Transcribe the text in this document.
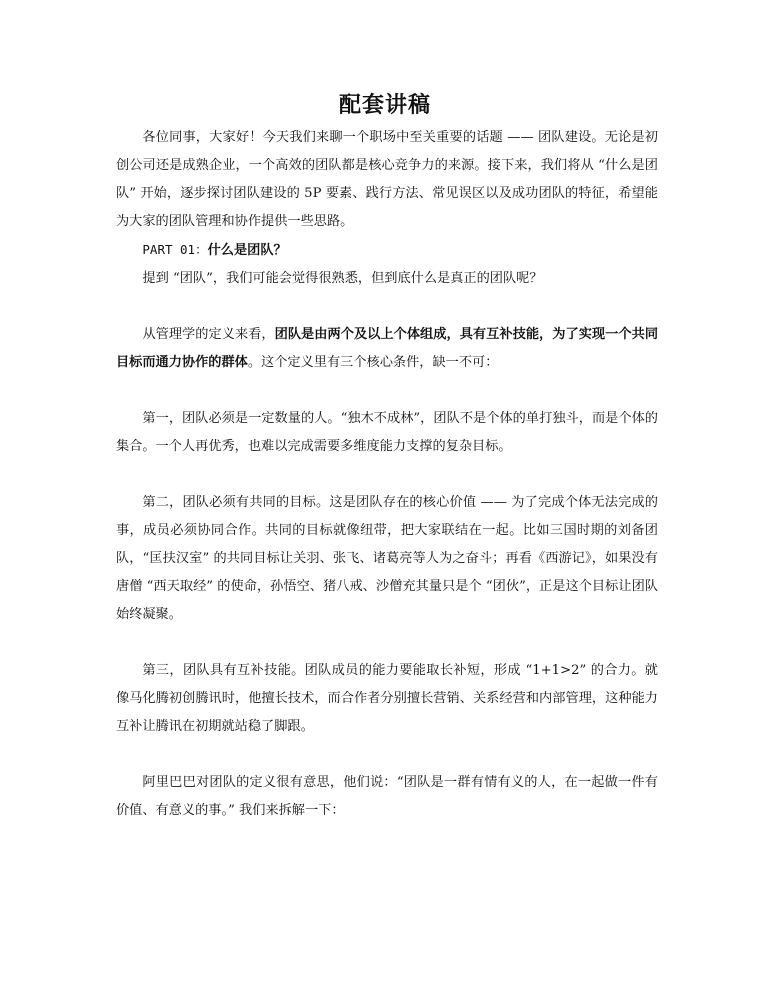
配套讲稿

各位同事，大家好！今天我们来聊一个职场中至关重要的话题 —— 团队建设。无论是初创公司还是成熟企业，一个高效的团队都是核心竞争力的来源。接下来，我们将从 “什么是团队” 开始，逐步探讨团队建设的 5P 要素、践行方法、常见误区以及成功团队的特征，希望能为大家的团队管理和协作提供一些思路。

PART 01：什么是团队？

提到 “团队”，我们可能会觉得很熟悉，但到底什么是真正的团队呢？

从管理学的定义来看，团队是由两个及以上个体组成，具有互补技能，为了实现一个共同目标而通力协作的群体。这个定义里有三个核心条件，缺一不可：

第一，团队必须是一定数量的人。“独木不成林”，团队不是个体的单打独斗，而是个体的集合。一个人再优秀，也难以完成需要多维度能力支撑的复杂目标。

第二，团队必须有共同的目标。这是团队存在的核心价值 —— 为了完成个体无法完成的事，成员必须协同合作。共同的目标就像纽带，把大家联结在一起。比如三国时期的刘备团队，“匡扶汉室” 的共同目标让关羽、张飞、诸葛亮等人为之奋斗；再看《西游记》，如果没有唐僧 “西天取经” 的使命，孙悟空、猪八戒、沙僧充其量只是个 “团伙”，正是这个目标让团队始终凝聚。

第三，团队具有互补技能。团队成员的能力要能取长补短，形成 “1+1>2” 的合力。就像马化腾初创腾讯时，他擅长技术，而合作者分别擅长营销、关系经营和内部管理，这种能力互补让腾讯在初期就站稳了脚跟。

阿里巴巴对团队的定义很有意思，他们说：“团队是一群有情有义的人，在一起做一件有价值、有意义的事。” 我们来拆解一下：
